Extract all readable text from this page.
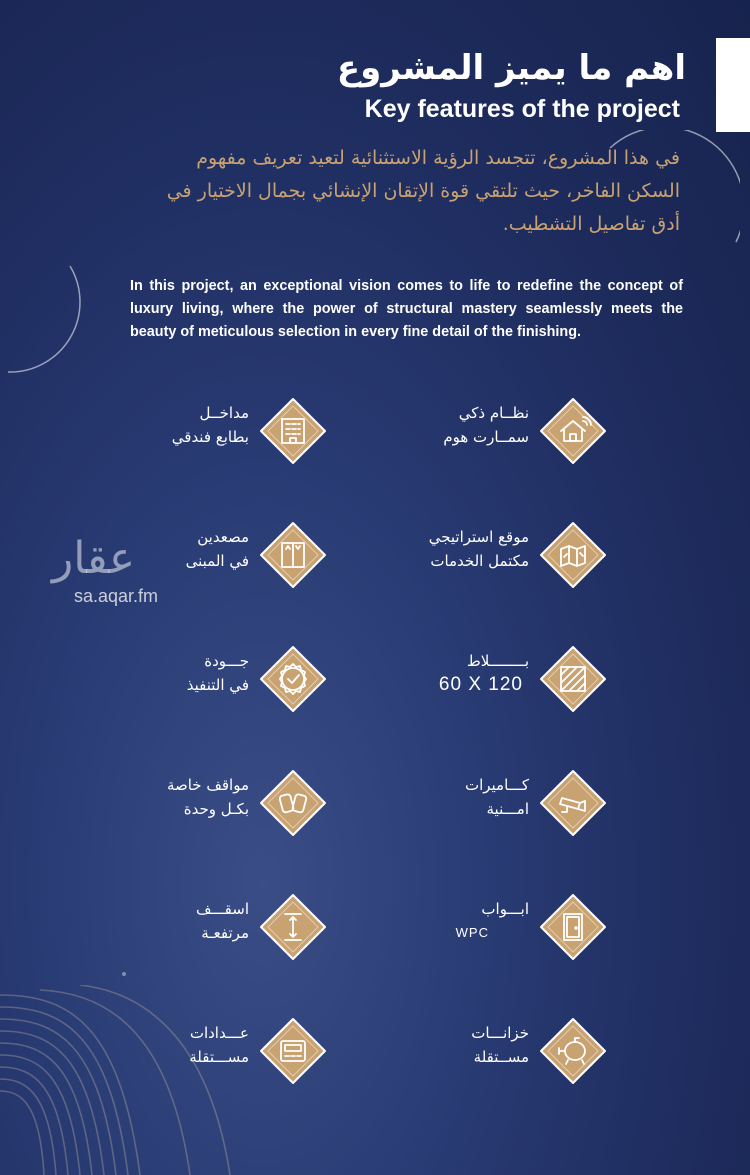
اهم ما يميز المشروع
Key features of the project
في هذا المشروع، تتجسد الرؤية الاستثنائية لتعيد تعريف مفهوم
السكن الفاخر، حيث تلتقي قوة الإتقان الإنشائي بجمال الاختيار في
أدق تفاصيل التشطيب.
In this project, an exceptional vision comes to life to redefine the concept of luxury living, where the power of structural mastery seamlessly meets the beauty of meticulous selection in every fine detail of the finishing.
عقار
sa.aqar.fm
نظــام ذكي
سمــارت هوم
مداخــل
بطابع فندقي
موقع استراتيجي
مكتمل الخدمات
مصعدين
في المبنى
بــــــــلاط
60 X 120
جـــودة
في التنفيذ
كـــاميرات
امـــنية
مواقف خاصة
بكـل وحدة
ابـــواب
WPC
اسقـــف
مرتفعـة
خزانـــات
مســتقلة
عـــدادات
مســـتقلة
